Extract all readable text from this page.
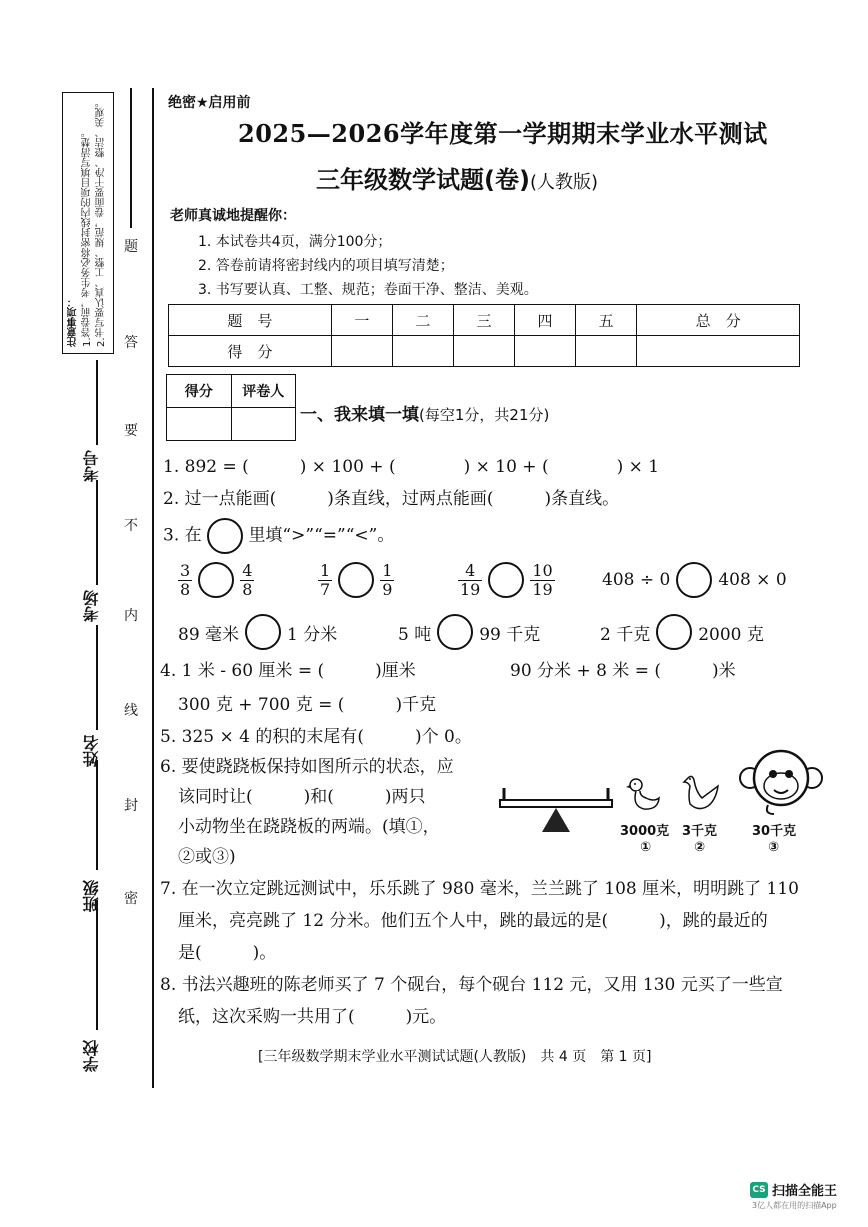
注意事项： 1.答卷前，考生务必将密封线内的项目填写清楚。 2.书写要认真、工整、规范，卷面要干净、整洁、美观。
学校
班级
姓名
考场
考号
题
答
要
不
内
线
封
密
绝密★启用前
2025—2026学年度第一学期期末学业水平测试
三年级数学试题(卷)(人教版)
老师真诚地提醒你：
1. 本试卷共4页，满分100分；
2. 答卷前请将密封线内的项目填写清楚；
3. 书写要认真、工整、规范；卷面干净、整洁、美观。
题　号	一	二	三	四	五	总　分
得　分						
得分	评卷人

一、我来填一填(每空1分，共21分)
1. 892 = (　　　) × 100 + (　　　　) × 10 + (　　　　) × 1
2. 过一点能画(　　　)条直线，过两点能画(　　　)条直线。
3. 在	里填“>”“=”“<”。
$\frac{3}{8}$	$\frac{4}{8}$	$\frac{1}{7}$	$\frac{1}{9}$	$\frac{4}{19}$	$\frac{10}{19}$	408 ÷ 0	408 × 0
89 毫米	1 分米	5 吨	99 千克	2 千克	2000 克
4. 1 米 - 60 厘米 = (　　　)厘米	90 分米 + 8 米 = (　　　)米
300 克 + 700 克 = (　　　)千克
5. 325 × 4 的积的末尾有(　　　)个 0。
6. 要使跷跷板保持如图所示的状态，应
该同时让(　　　)和(　　　)两只
小动物坐在跷跷板的两端。(填①，
②或③)
3000克
①
3千克
②
30千克
③
7. 在一次立定跳远测试中，乐乐跳了 980 毫米，兰兰跳了 108 厘米，明明跳了 110
厘米，亮亮跳了 12 分米。他们五个人中，跳的最远的是(　　　)，跳的最近的
是(　　　)。
8. 书法兴趣班的陈老师买了 7 个砚台，每个砚台 112 元，又用 130 元买了一些宣
纸，这次采购一共用了(　　　)元。
[三年级数学期末学业水平测试试题(人教版)　共 4 页　第 1 页]
CS 扫描全能王
3亿人都在用的扫描App
